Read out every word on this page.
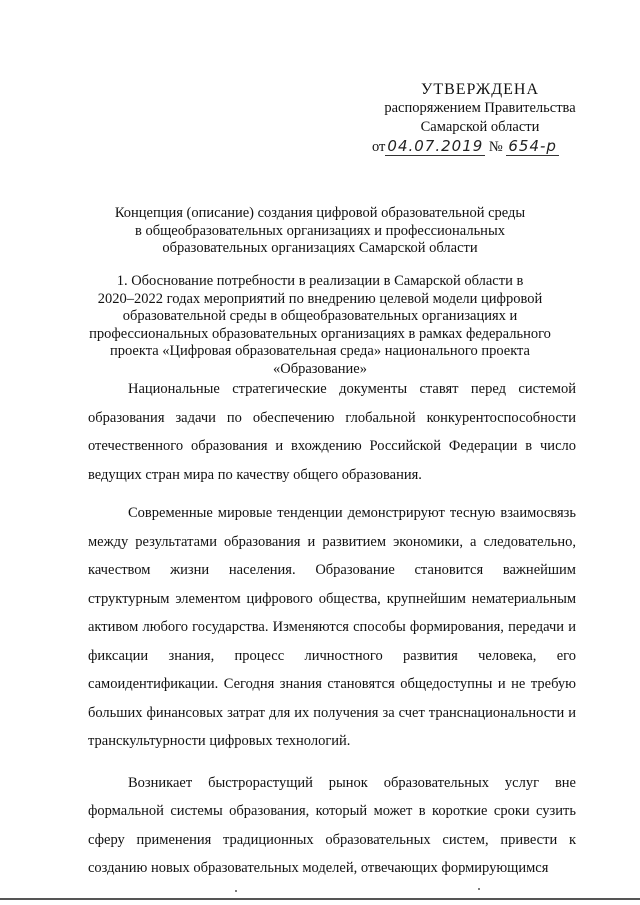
УТВЕРЖДЕНА
распоряжением Правительства
Самарской области
от 04.07.2019 № 654-р
Концепция (описание) создания цифровой образовательной среды
в общеобразовательных организациях и профессиональных
образовательных организациях Самарской области
1. Обоснование потребности в реализации в Самарской области в
2020–2022 годах мероприятий по внедрению целевой модели цифровой
образовательной среды в общеобразовательных организациях и
профессиональных образовательных организациях в рамках федерального
проекта «Цифровая образовательная среда» национального проекта
«Образование»

Национальные стратегические документы ставят перед системой образования задачи по обеспечению глобальной конкурентоспособности отечественного образования и вхождению Российской Федерации в число ведущих стран мира по качеству общего образования.

Современные мировые тенденции демонстрируют тесную взаимосвязь между результатами образования и развитием экономики, а следовательно, качеством жизни населения. Образование становится важнейшим структурным элементом цифрового общества, крупнейшим нематериальным активом любого государства. Изменяются способы формирования, передачи и фиксации знания, процесс личностного развития человека, его самоидентификации. Сегодня знания становятся общедоступны и не требую больших финансовых затрат для их получения за счет транснациональности и транскультурности цифровых технологий.

Возникает быстрорастущий рынок образовательных услуг вне формальной системы образования, который может в короткие сроки сузить сферу применения традиционных образовательных систем, привести к созданию новых образовательных моделей, отвечающих формирующимся
